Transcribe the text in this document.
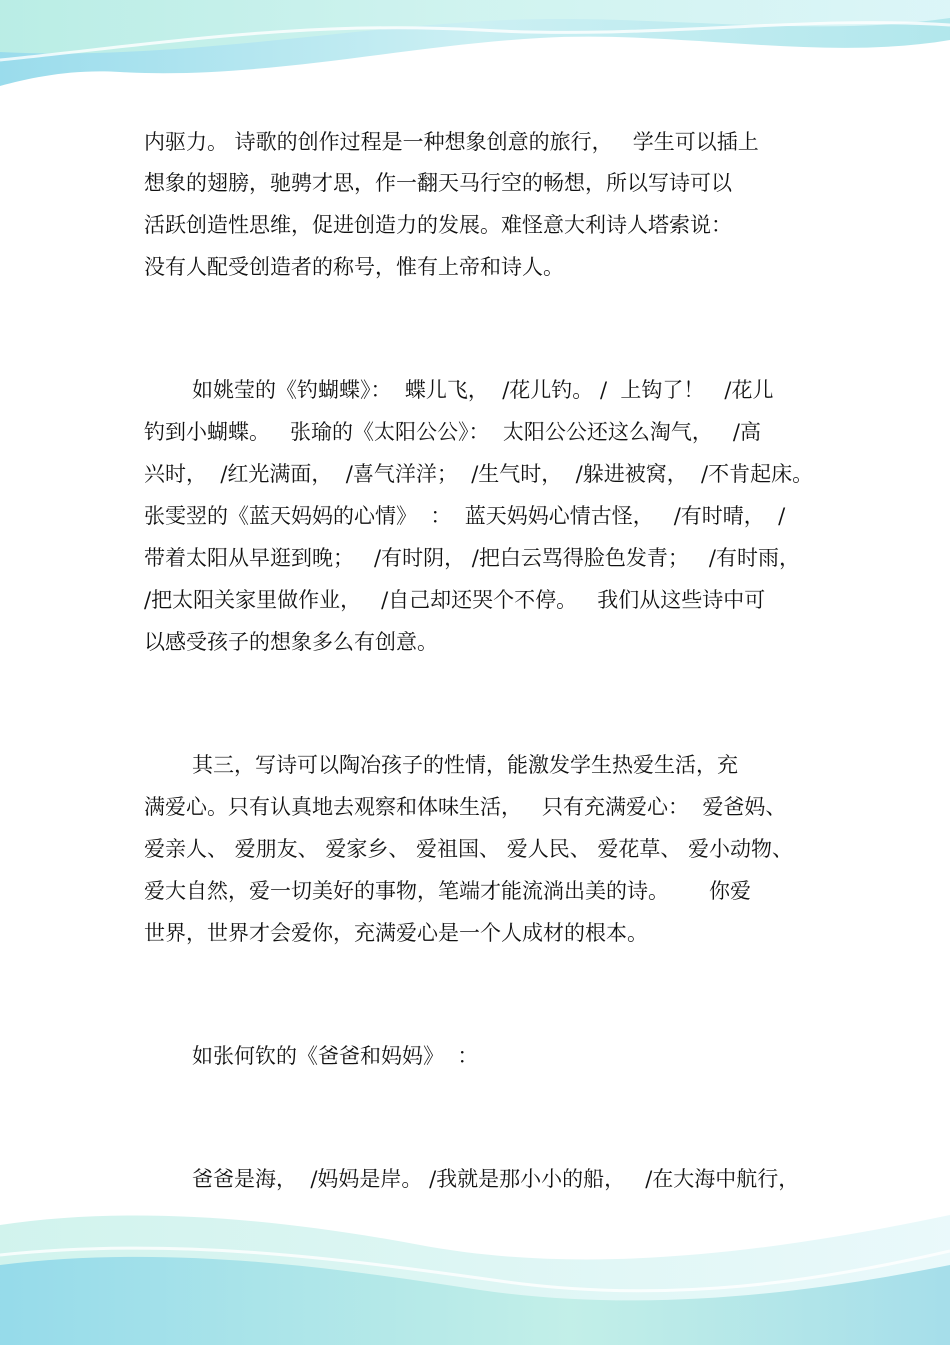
内驱力。 诗歌的创作过程是一种想象创意的旅行，   学生可以插上

想象的翅膀，驰骋才思，作一翻天马行空的畅想，所以写诗可以

活跃创造性思维，促进创造力的发展。难怪意大利诗人塔索说：

没有人配受创造者的称号，惟有上帝和诗人。

如姚莹的《钓蝴蝶》：  蝶儿飞，  /花儿钓。 /  上钩了！   /花儿

钓到小蝴蝶。   张瑜的《太阳公公》：  太阳公公还这么淘气，   /高

兴时，  /红光满面，  /喜气洋洋；  /生气时，  /躲进被窝，  /不肯起床。

张雯翌的《蓝天妈妈的心情》  ：  蓝天妈妈心情古怪，   /有时晴，  /

带着太阳从早逛到晚；   /有时阴， /把白云骂得脸色发青；   /有时雨，

/把太阳关家里做作业，   /自己却还哭个不停。   我们从这些诗中可

以感受孩子的想象多么有创意。

其三，写诗可以陶冶孩子的性情，能激发学生热爱生活，充

满爱心。只有认真地去观察和体味生活，   只有充满爱心：  爱爸妈、

爱亲人、 爱朋友、 爱家乡、 爱祖国、 爱人民、 爱花草、 爱小动物、

爱大自然，爱一切美好的事物，笔端才能流淌出美的诗。      你爱

世界，世界才会爱你，充满爱心是一个人成材的根本。

如张何钦的《爸爸和妈妈》  ：

爸爸是海，  /妈妈是岸。 /我就是那小小的船，   /在大海中航行，
